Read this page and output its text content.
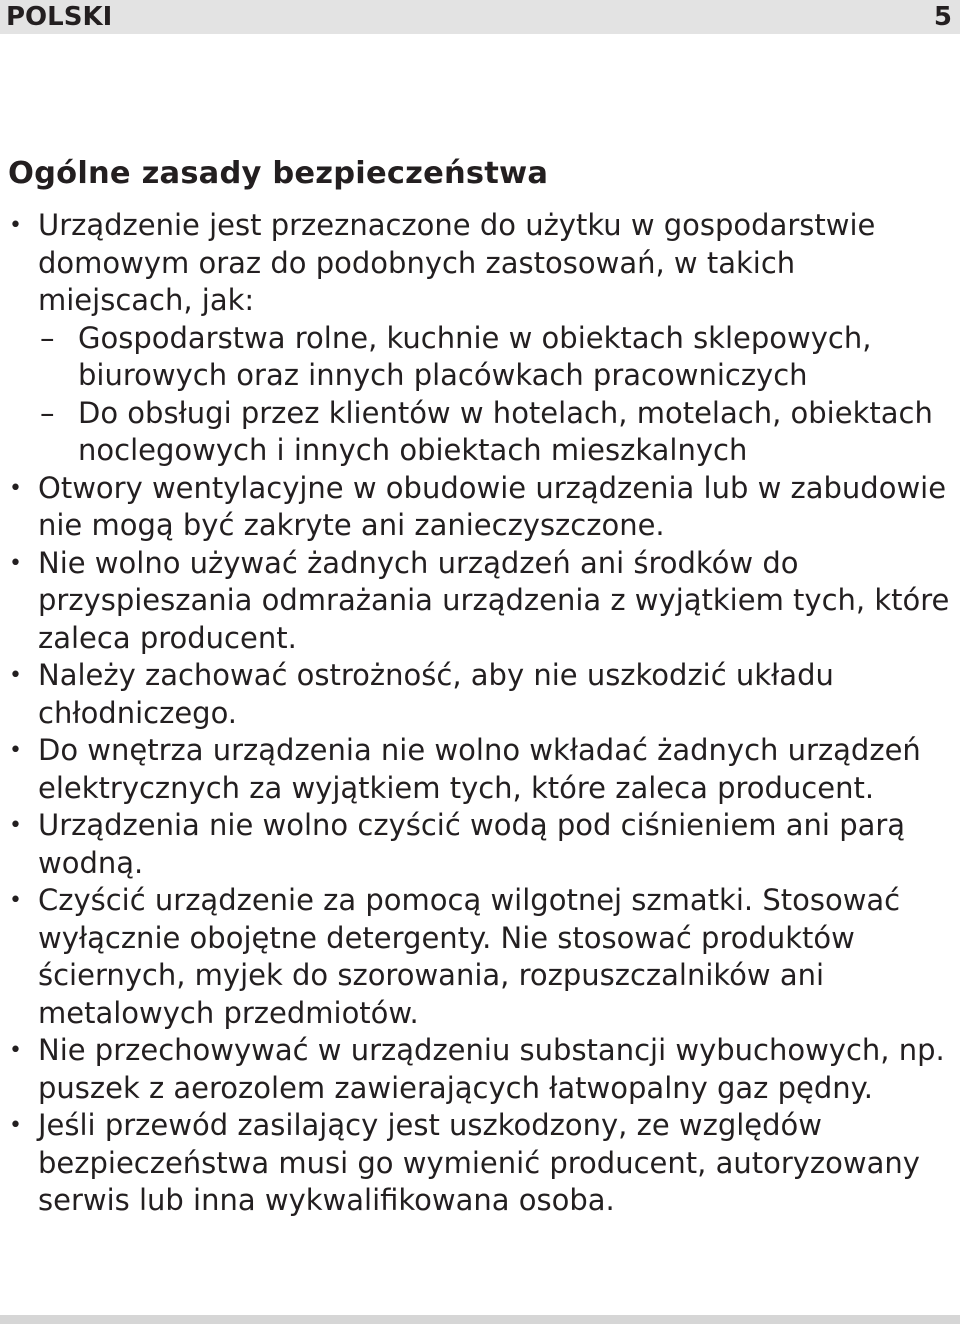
POLSKI	5
Ogólne zasady bezpieczeństwa
• Urządzenie jest przeznaczone do użytku w gospodarstwie domowym oraz do podobnych zastosowań, w takich miejscach, jak:
– Gospodarstwa rolne, kuchnie w obiektach sklepowych, biurowych oraz innych placówkach pracowniczych
– Do obsługi przez klientów w hotelach, motelach, obiektach noclegowych i innych obiektach mieszkalnych
• Otwory wentylacyjne w obudowie urządzenia lub w zabudowie nie mogą być zakryte ani zanieczyszczone.
• Nie wolno używać żadnych urządzeń ani środków do przyspieszania odmrażania urządzenia z wyjątkiem tych, które zaleca producent.
• Należy zachować ostrożność, aby nie uszkodzić układu chłodniczego.
• Do wnętrza urządzenia nie wolno wkładać żadnych urządzeń elektrycznych za wyjątkiem tych, które zaleca producent.
• Urządzenia nie wolno czyścić wodą pod ciśnieniem ani parą wodną.
• Czyścić urządzenie za pomocą wilgotnej szmatki. Stosować wyłącznie obojętne detergenty. Nie stosować produktów ściernych, myjek do szorowania, rozpuszczalników ani metalowych przedmiotów.
• Nie przechowywać w urządzeniu substancji wybuchowych, np. puszek z aerozolem zawierających łatwopalny gaz pędny.
• Jeśli przewód zasilający jest uszkodzony, ze względów bezpieczeństwa musi go wymienić producent, autoryzowany serwis lub inna wykwalifikowana osoba.
